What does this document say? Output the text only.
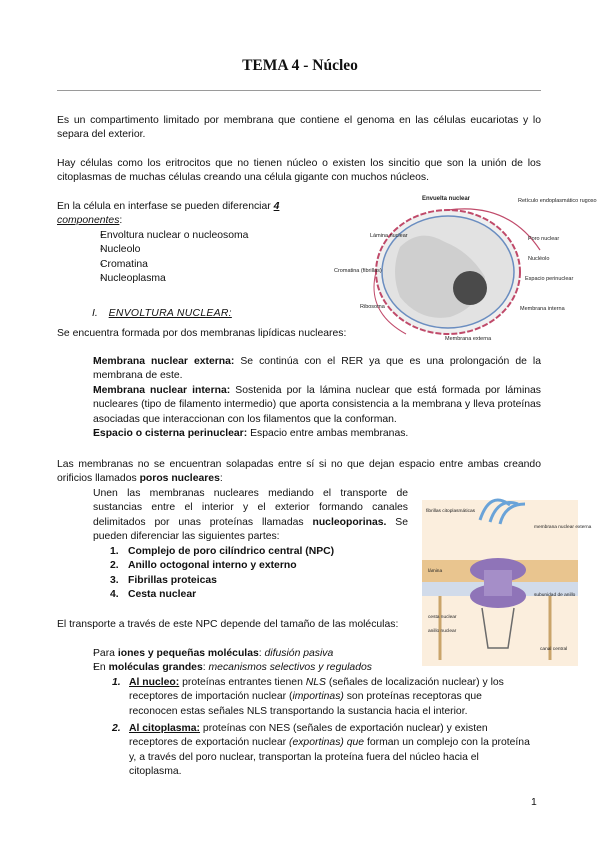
TEMA 4 - Núcleo

Es un compartimento limitado por membrana que contiene el genoma en las células eucariotas y lo separa del exterior.

Hay células como los eritrocitos que no tienen núcleo o existen los sincitio que son la unión de los citoplasmas de muchas células creando una célula gigante con muchos núcleos.

En la célula en interfase se pueden diferenciar 4
componentes:

- Envoltura nuclear o nucleosoma
- Nucleolo
- Cromatina
- Nucleoplasma
I. ENVOLTURA NUCLEAR:

Se encuentra formada por dos membranas lipídicas nucleares:

- Membrana nuclear externa: Se continúa con el RER ya que es una prolongación de la membrana de este.
- Membrana nuclear interna: Sostenida por la lámina nuclear que está formada por láminas nucleares (tipo de filamento intermedio) que aporta consistencia a la membrana y lleva proteínas asociadas que interaccionan con los filamentos que la conforman.
- Espacio o cisterna perinuclear: Espacio entre ambas membranas.

Las membranas no se encuentran solapadas entre sí si no que dejan espacio entre ambas creando orificios llamados poros nucleares:

Unen las membranas nucleares mediando el transporte de sustancias entre el interior y el exterior formando canales delimitados por unas proteínas llamadas nucleoporinas. Se pueden diferenciar las siguientes partes:

1. Complejo de poro cilíndrico central (NPC)
2. Anillo octogonal interno y externo
3. Fibrillas proteicas
4. Cesta nuclear

El transporte a través de este NPC depende del tamaño de las moléculas:

- Para iones y pequeñas moléculas: difusión pasiva
- En moléculas grandes: mecanismos selectivos y regulados
1. Al nucleo: proteínas entrantes tienen NLS (señales de localización nuclear) y los receptores de importación nuclear (importinas) son proteínas receptoras que reconocen estas señales NLS transportando la sustancia hacia el interior.

2. Al citoplasma: proteínas con NES (señales de exportación nuclear) y existen receptores de exportación nuclear (exportinas) que forman un complejo con la proteína y, a través del poro nuclear, transportan la proteína fuera del núcleo hacia el citoplasma.

1
Envuelta nuclear	Retículo endoplasmático rugoso
Lámina nuclear	Poro nuclear
Nucléolo
Espacio perinuclear
Cromatina (fibrillas)
Ribosoma
Membrana externa
Membrana interna
fibrillas citoplasmáticas
membrana nuclear externa
lámina
subunidad de anillo
cesta nuclear
anillo nuclear
canal central
